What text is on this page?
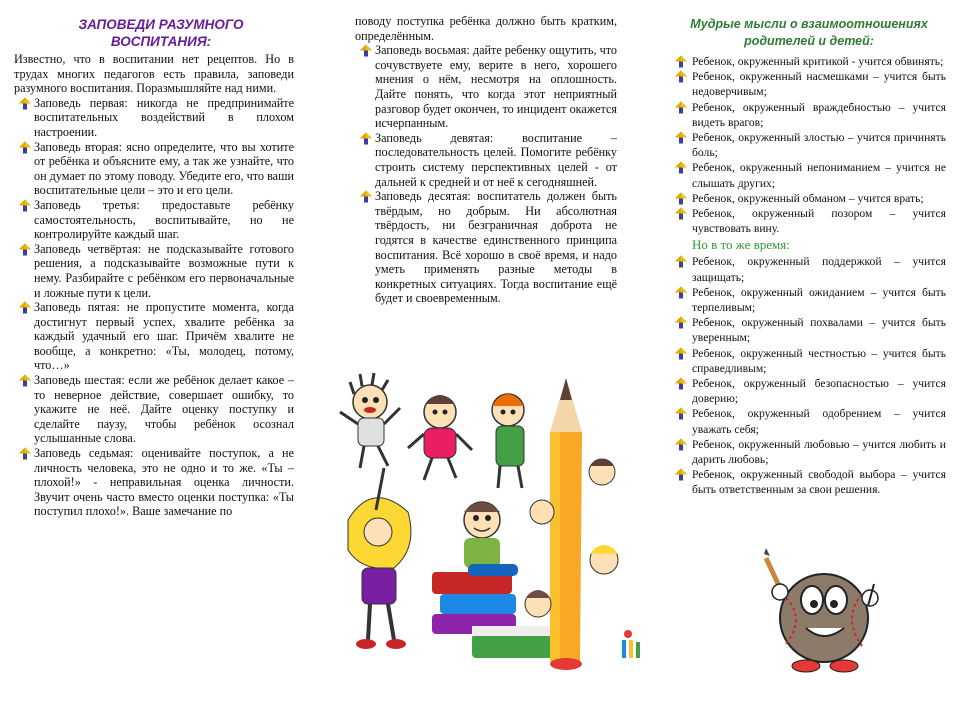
ЗАПОВЕДИ РАЗУМНОГО ВОСПИТАНИЯ:

Известно, что в воспитании нет рецептов. Но в трудах многих педагогов есть правила, заповеди разумного воспитания. Поразмышляйте над ними.

Заповедь первая: никогда не предпринимайте воспитательных воздействий в плохом настроении.
Заповедь вторая: ясно определите, что вы хотите от ребёнка и объясните ему, а так же узнайте, что он думает по этому поводу. Убедите его, что ваши воспитательные цели – это и его цели.
Заповедь третья: предоставьте ребёнку самостоятельность, воспитывайте, но не контролируйте каждый шаг.
Заповедь четвёртая: не подсказывайте готового решения, а подсказывайте возможные пути к нему. Разбирайте с ребёнком его первоначальные и ложные пути к цели.
Заповедь пятая: не пропустите момента, когда достигнут первый успех, хвалите ребёнка за каждый удачный его шаг. Причём хвалите не вообще, а конкретно: «Ты, молодец, потому, что…»
Заповедь шестая: если же ребёнок делает какое – то неверное действие, совершает ошибку, то укажите не неё. Дайте оценку поступку и сделайте паузу, чтобы ребёнок осознал услышанные слова.
Заповедь седьмая: оценивайте поступок, а не личность человека, это не одно и то же. «Ты – плохой!» - неправильная оценка личности. Звучит очень часто вместо оценки поступка: «Ты поступил плохо!». Ваше замечание по

поводу поступка ребёнка должно быть кратким, определённым.

Заповедь восьмая: дайте ребенку ощутить, что сочувствуете ему, верите в него, хорошего мнения о нём, несмотря на оплошность. Дайте понять, что когда этот неприятный разговор будет окончен, то инцидент окажется исчерпанным.
Заповедь девятая: воспитание – последовательность целей. Помогите ребёнку строить систему перспективных целей - от дальней к средней и от неё к сегодняшней.
Заповедь десятая: воспитатель должен быть твёрдым, но добрым. Ни абсолютная твёрдость, ни безграничная доброта не годятся в качестве единственного принципа воспитания. Всё хорошо в своё время, и надо уметь применять разные методы в конкретных ситуациях. Тогда воспитание ещё будет и своевременным.
Мудрые мысли о взаимоотношениях родителей и детей:
Ребенок, окруженный критикой - учится обвинять;
Ребенок, окруженный насмешками – учится быть недоверчивым;
Ребенок, окруженный враждебностью – учится видеть врагов;
Ребенок, окруженный злостью – учится причинять боль;
Ребенок, окруженный непониманием – учится не слышать других;
Ребенок, окруженный обманом – учится врать;
Ребенок, окруженный позором – учится чувствовать вину.
Но в то же время:
Ребенок, окруженный поддержкой – учится защищать;
Ребенок, окруженный ожиданием – учится быть терпеливым;
Ребенок, окруженный похвалами – учится быть уверенным;
Ребенок, окруженный честностью – учится быть справедливым;
Ребенок, окруженный безопасностью – учится доверию;
Ребенок, окруженный одобрением – учится уважать себя;
Ребенок, окруженный любовью – учится любить и дарить любовь;
Ребенок, окруженный свободой выбора – учится быть ответственным за свои решения.
